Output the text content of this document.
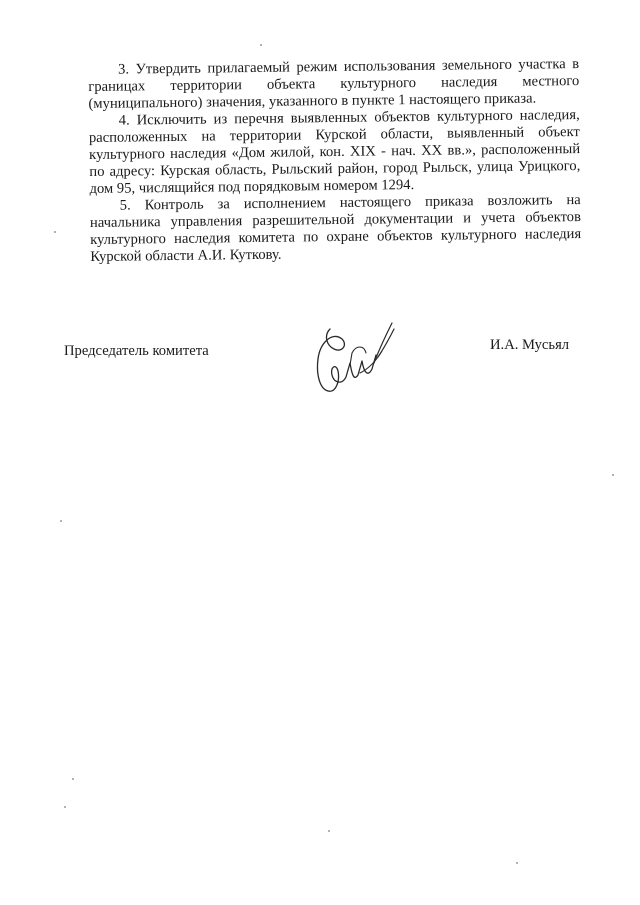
3. Утвердить прилагаемый режим использования земельного участка в границах территории объекта культурного наследия местного (муниципального) значения, указанного в пункте 1 настоящего приказа.

4. Исключить из перечня выявленных объектов культурного наследия, расположенных на территории Курской области, выявленный объект культурного наследия «Дом жилой, кон. XIX - нач. XX вв.», расположенный по адресу: Курская область, Рыльский район, город Рыльск, улица Урицкого, дом 95, числящийся под порядковым номером 1294.

5. Контроль за исполнением настоящего приказа возложить на начальника управления разрешительной документации и учета объектов культурного наследия комитета по охране объектов культурного наследия Курской области А.И. Куткову.

Председатель комитета	И.А. Мусьял
